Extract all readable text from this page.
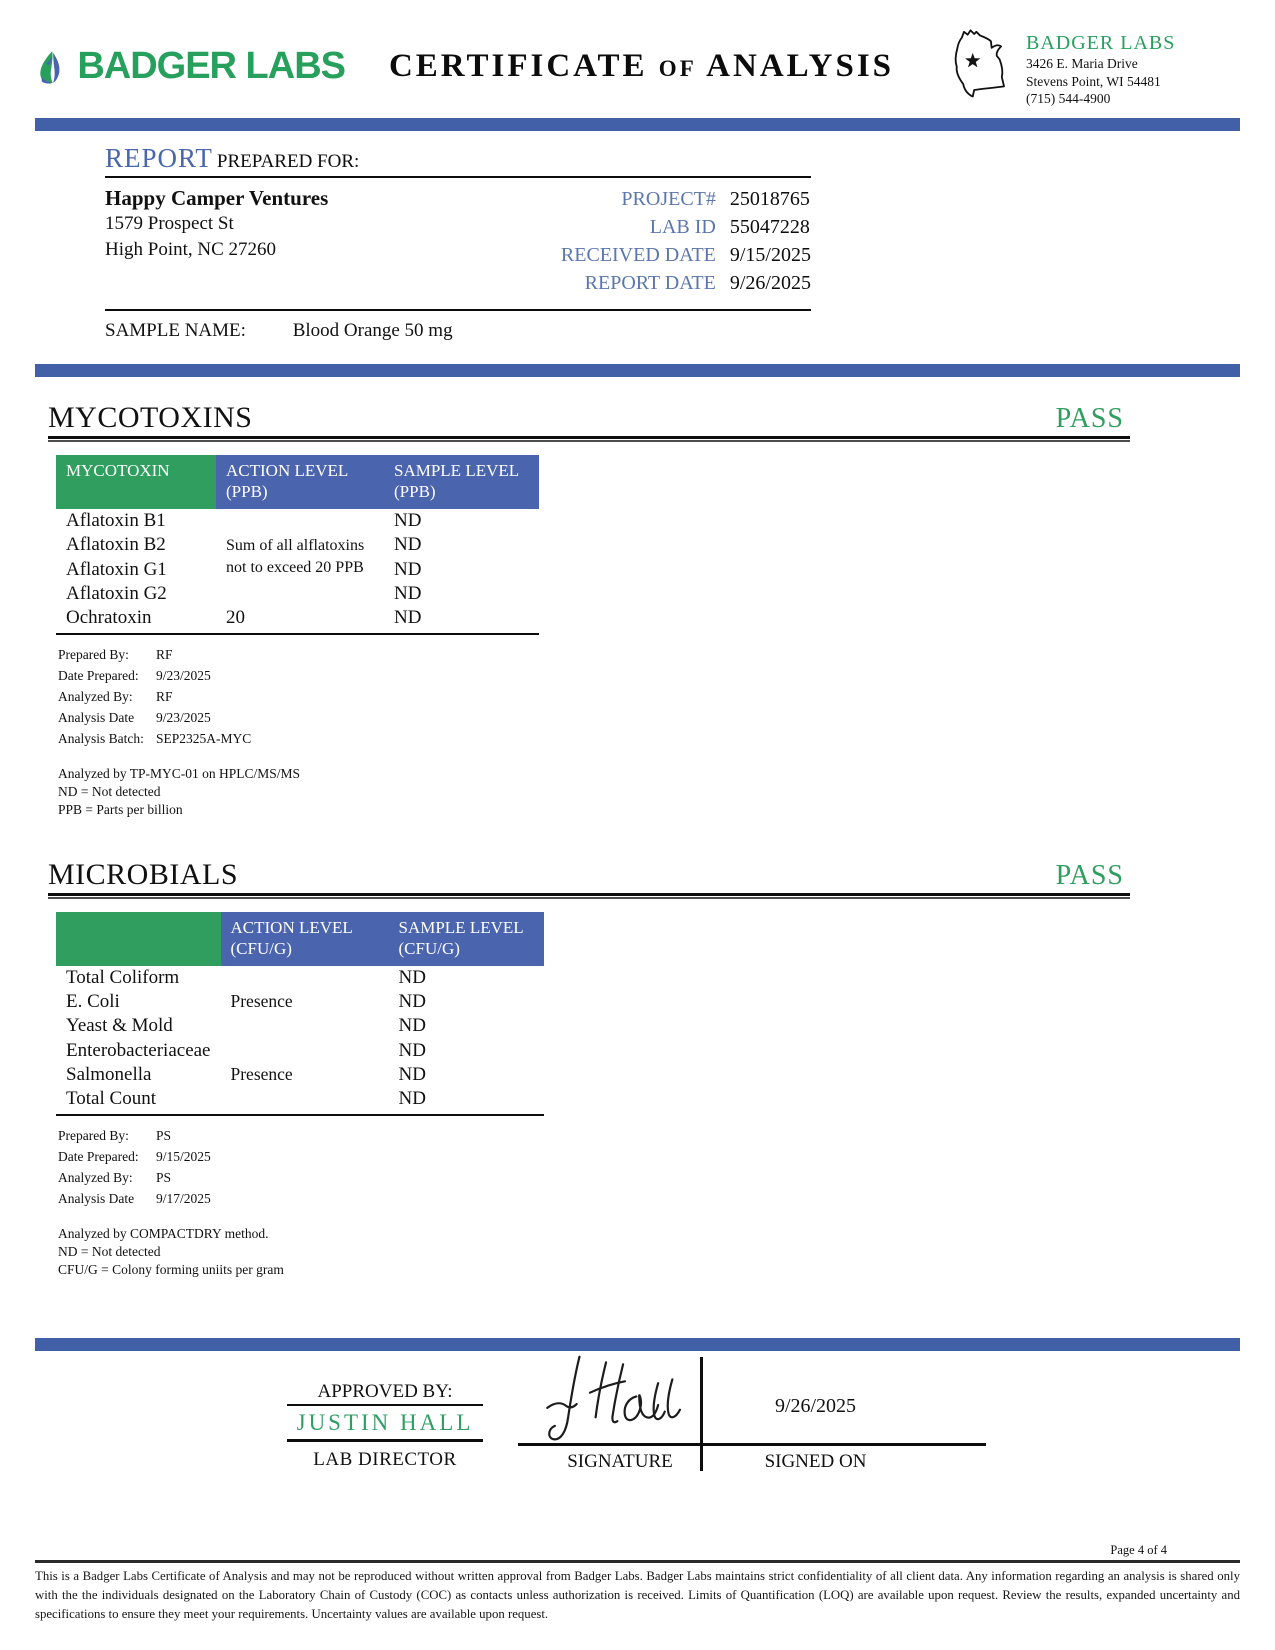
BADGER LABS	CERTIFICATE of ANALYSIS
BADGER LABS
3426 E. Maria Drive
Stevens Point, WI 54481
(715) 544-4900
REPORT PREPARED FOR:
Happy Camper Ventures
1579 Prospect St
High Point, NC 27260
PROJECT# 25018765
LAB ID 55047228
RECEIVED DATE 9/15/2025
REPORT DATE 9/26/2025
SAMPLE NAME: Blood Orange 50 mg
MYCOTOXINS	PASS
MYCOTOXIN	ACTION LEVEL
(PPB)

SAMPLE LEVEL
(PPB)

Aflatoxin B1	Sum of all alflatoxins not to exceed 20 PPB	ND
Aflatoxin B2		ND
Aflatoxin G1		ND
Aflatoxin G2		ND
Ochratoxin	20	ND
Prepared By:	RF
Date Prepared:	9/23/2025
Analyzed By:	RF
Analysis Date	9/23/2025
Analysis Batch: SEP2325A-MYC
Analyzed by TP-MYC-01 on HPLC/MS/MS
ND = Not detected
PPB = Parts per billion
MICROBIALS	PASS

ACTION LEVEL
(CFU/G)

SAMPLE LEVEL
(CFU/G)

Total Coliform		ND
E. Coli	Presence	ND
Yeast & Mold		ND
Enterobacteriaceae		ND
Salmonella	Presence	ND
Total Count		ND
Prepared By:	PS
Date Prepared:	9/15/2025
Analyzed By:	PS
Analysis Date	9/17/2025
Analyzed by COMPACTDRY method.
ND = Not detected
CFU/G = Colony forming uniits per gram
APPROVED BY:
JUSTIN HALL
LAB DIRECTOR
9/26/2025
SIGNATURE	SIGNED ON
Page 4 of 4
This is a Badger Labs Certificate of Analysis and may not be reproduced without written approval from Badger Labs. Badger Labs maintains strict confidentiality of all client data. Any information regarding an analysis is shared only with the the individuals designated on the Laboratory Chain of Custody (COC) as contacts unless authorization is received. Limits of Quantification (LOQ) are available upon request. Review the results, expanded uncertainty and specifications to ensure they meet your requirements. Uncertainty values are available upon request.
